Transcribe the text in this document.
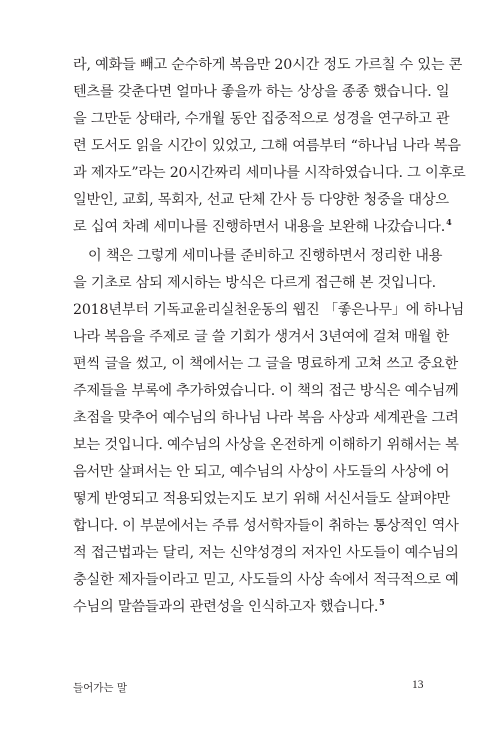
라, 예화들 빼고 순수하게 복음만 20시간 정도 가르칠 수 있는 콘
텐츠를 갖춘다면 얼마나 좋을까 하는 상상을 종종 했습니다. 일
을 그만둔 상태라, 수개월 동안 집중적으로 성경을 연구하고 관
련 도서도 읽을 시간이 있었고, 그해 여름부터 “하나님 나라 복음
과 제자도”라는 20시간짜리 세미나를 시작하였습니다. 그 이후로
일반인, 교회, 목회자, 선교 단체 간사 등 다양한 청중을 대상으
로 십여 차례 세미나를 진행하면서 내용을 보완해 나갔습니다.$^4$
이 책은 그렇게 세미나를 준비하고 진행하면서 정리한 내용
을 기초로 삼되 제시하는 방식은 다르게 접근해 본 것입니다.
2018년부터 기독교윤리실천운동의 웹진 「좋은나무」에 하나님
나라 복음을 주제로 글 쓸 기회가 생겨서 3년여에 걸쳐 매월 한
편씩 글을 썼고, 이 책에서는 그 글을 명료하게 고쳐 쓰고 중요한
주제들을 부록에 추가하였습니다. 이 책의 접근 방식은 예수님께
초점을 맞추어 예수님의 하나님 나라 복음 사상과 세계관을 그려
보는 것입니다. 예수님의 사상을 온전하게 이해하기 위해서는 복
음서만 살펴서는 안 되고, 예수님의 사상이 사도들의 사상에 어
떻게 반영되고 적용되었는지도 보기 위해 서신서들도 살펴야만
합니다. 이 부분에서는 주류 성서학자들이 취하는 통상적인 역사
적 접근법과는 달리, 저는 신약성경의 저자인 사도들이 예수님의
충실한 제자들이라고 믿고, 사도들의 사상 속에서 적극적으로 예
수님의 말씀들과의 관련성을 인식하고자 했습니다.$^5$
들어가는 말	13
